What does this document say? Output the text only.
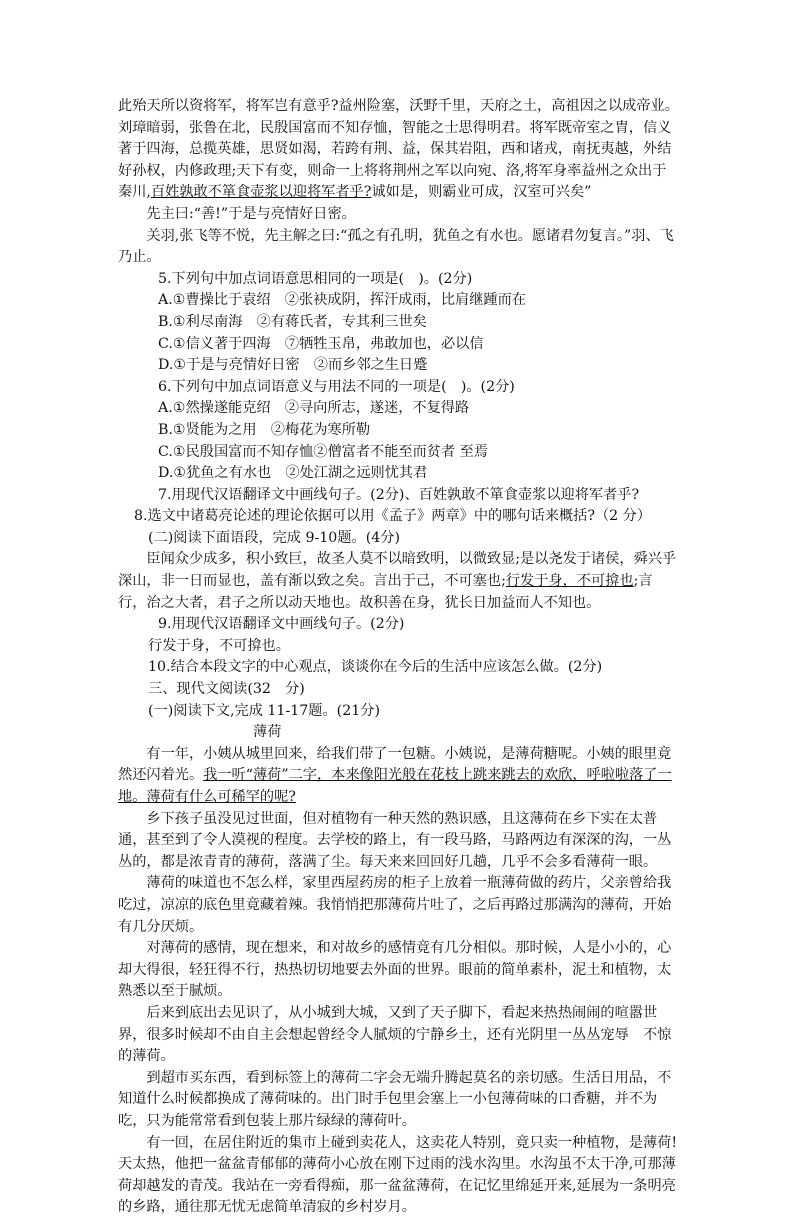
此殆天所以资将军，将军岂有意乎?益州险塞，沃野千里，天府之土，高祖因之以成帝业。刘璋暗弱，张鲁在北，民殷国富而不知存恤，智能之士思得明君。将军既帝室之胄，信义著于四海，总揽英雄，思贤如渴，若跨有荆、益，保其岩阻，西和诸戎，南抚夷越，外结好孙权，内修政理;天下有变，则命一上将将荆州之军以向宛、洛,将军身率益州之众出于秦川,百姓孰敢不箪食壶浆以迎将军者乎?诚如是，则霸业可成，汉室可兴矣”

先主曰:“善!”于是与亮情好日密。

关羽,张飞等不悦，先主解之曰:“孤之有孔明，犹鱼之有水也。愿诸君勿复言。”羽、飞乃止。

5.下列句中加点词语意思相同的一项是(　)。(2分)

A.①曹操比于袁绍　②张袂成阴，挥汗成雨，比肩继踵而在

B.①利尽南海　②有蒋氏者，专其利三世矣

C.①信义著于四海　⑦牺牲玉帛，弗敢加也，必以信

D.①于是与亮情好日密　②而乡邻之生日蹙

6.下列句中加点词语意义与用法不同的一项是(　)。(2分)

A.①然操遂能克绍　②寻向所志，遂迷，不复得路

B.①贤能为之用　②梅花为寒所勒

C.①民殷国富而不知存恤②僧富者不能至而贫者 至焉

D.①犹鱼之有水也　②处江湖之远则忧其君

7.用现代汉语翻译文中画线句子。(2分)、百姓孰敢不箪食壶浆以迎将军者乎?

8.选文中诸葛亮论述的理论依据可以用《孟子》两章》中的哪句话来概括?（2 分）

(二)阅读下面语段，完成 9-10题。(4分)

臣闻众少成多，积小致巨，故圣人莫不以暗致明，以微致显;是以尧发于诸侯，舜兴乎深山，非一日而显也，盖有渐以致之矣。言出于己，不可塞也;行发于身，不可揜也;言行，治之大者，君子之所以动天地也。故积善在身，犹长日加益而人不知也。

9.用现代汉语翻译文中画线句子。(2分)

行发于身，不可揜也。

10.结合本段文字的中心观点，谈谈你在今后的生活中应该怎么做。(2分)

三、现代文阅读(32　分)

(一)阅读下文,完成 11-17题。(21分)

薄荷

有一年，小姨从城里回来，给我们带了一包糖。小姨说，是薄荷糖呢。小姨的眼里竟然还闪着光。我一听“薄荷”二字，本来像阳光般在花枝上跳来跳去的欢欣，呼啦啦落了一地。薄荷有什么可稀罕的呢?

乡下孩子虽没见过世面，但对植物有一种天然的熟识感，且这薄荷在乡下实在太普通，甚至到了令人漠视的程度。去学校的路上，有一段马路，马路两边有深深的沟，一丛丛的，都是浓青青的薄荷，落满了尘。每天来来回回好几趟，几乎不会多看薄荷一眼。

薄荷的味道也不怎么样，家里西屋药房的柜子上放着一瓶薄荷做的药片，父亲曾给我吃过，凉凉的底色里竟藏着辣。我悄悄把那薄荷片吐了，之后再路过那满沟的薄荷，开始有几分厌烦。

对薄荷的感情，现在想来，和对故乡的感情竟有几分相似。那时候，人是小小的，心却大得很，轻狂得不行，热热切切地要去外面的世界。眼前的简单素朴，泥土和植物，太熟悉以至于腻烦。

后来到底出去见识了，从小城到大城，又到了天子脚下，看起来热热闹闹的喧嚣世界，很多时候却不由自主会想起曾经令人腻烦的宁静乡土，还有光阴里一丛丛宠辱　不惊的薄荷。

到超市买东西，看到标签上的薄荷二字会无端升腾起莫名的亲切感。生活日用品，不知道什么时候都换成了薄荷味的。出门时手包里会塞上一小包薄荷味的口香糖，并不为吃，只为能常常看到包装上那片绿绿的薄荷叶。

有一回，在居住附近的集市上碰到卖花人，这卖花人特别，竟只卖一种植物，是薄荷!天太热，他把一盆盆青郁郁的薄荷小心放在刚下过雨的浅水沟里。水沟虽不太干净,可那薄荷却越发的青茂。我站在一旁看得痴，那一盆盆薄荷，在记忆里绵延开来,延展为一条明亮的乡路，通往那无忧无虑简单清寂的乡村岁月。
